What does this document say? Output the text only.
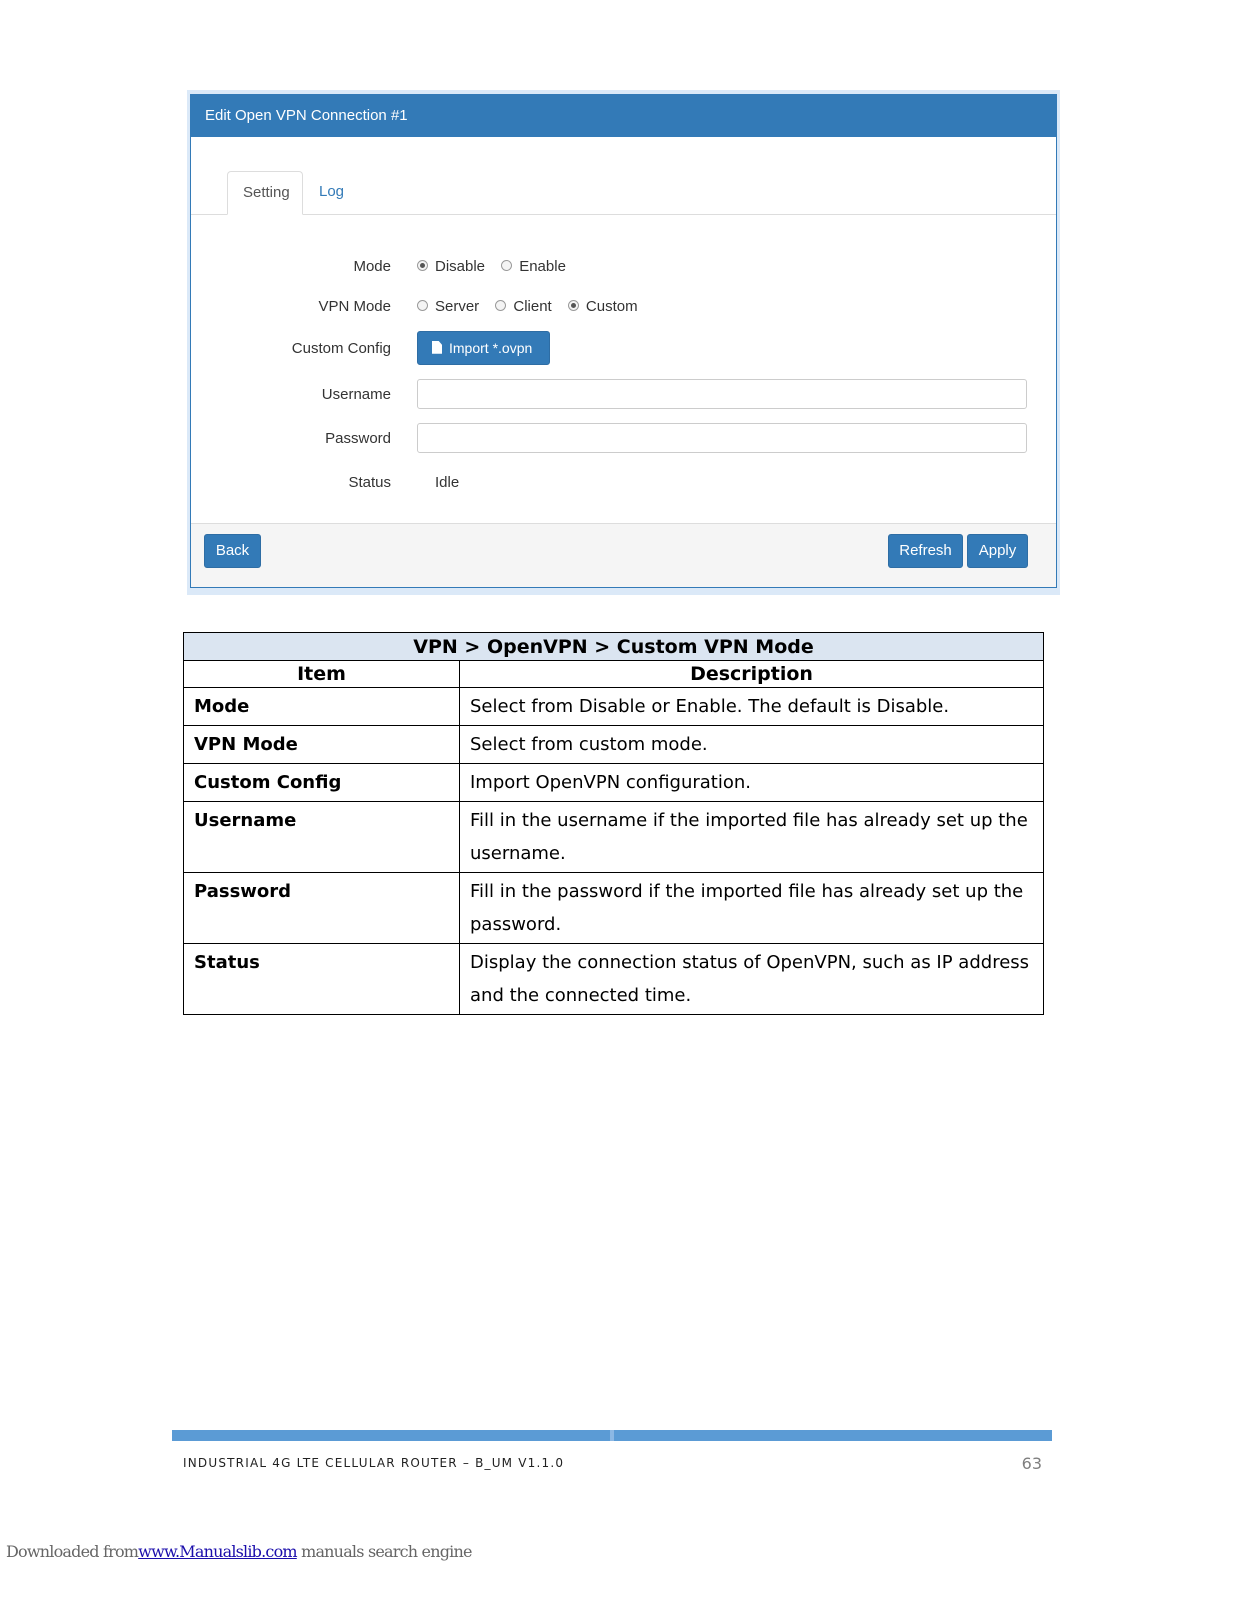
Edit Open VPN Connection #1
Setting	Log
Mode	Disable Enable
VPN Mode	Server Client Custom
Custom Config	Import *.ovpn
Username
Password
Status	Idle
Back	Refresh	Apply
VPN > OpenVPN > Custom VPN Mode	
Item	Description
Mode	Select from Disable or Enable. The default is Disable.
VPN Mode	Select from custom mode.
Custom Config	Import OpenVPN configuration.
Username	Fill in the username if the imported file has already set up the username.
Password	Fill in the password if the imported file has already set up the password.
Status	Display the connection status of OpenVPN, such as IP address and the connected time.
INDUSTRIAL 4G LTE CELLULAR ROUTER – B_UM V1.1.0	63
Downloaded fromwww.Manualslib.com manuals search engine
